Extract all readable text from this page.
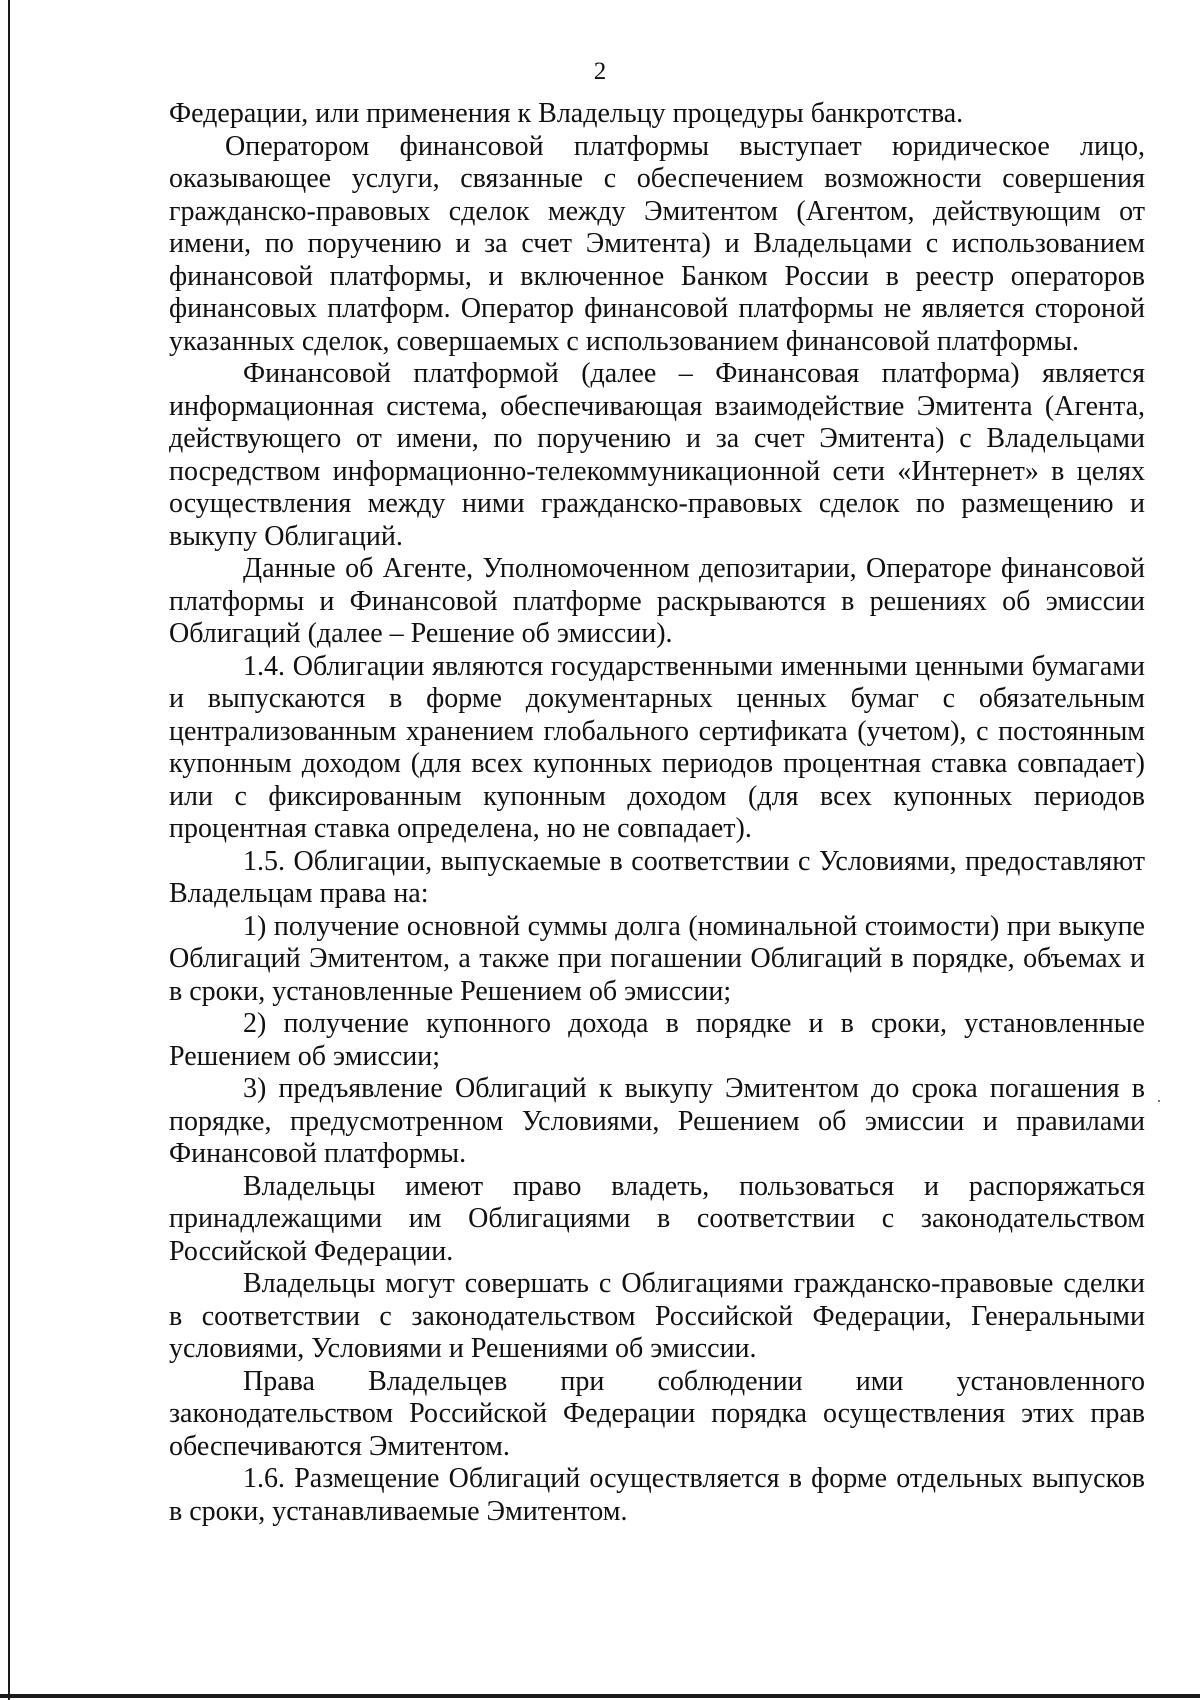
2

Федерации, или применения к Владельцу процедуры банкротства.

Оператором финансовой платформы выступает юридическое лицо, оказывающее услуги, связанные с обеспечением возможности совершения гражданско-правовых сделок между Эмитентом (Агентом, действующим от имени, по поручению и за счет Эмитента) и Владельцами с использованием финансовой платформы, и включенное Банком России в реестр операторов финансовых платформ. Оператор финансовой платформы не является стороной указанных сделок, совершаемых с использованием финансовой платформы.

Финансовой платформой (далее – Финансовая платформа) является информационная система, обеспечивающая взаимодействие Эмитента (Агента, действующего от имени, по поручению и за счет Эмитента) с Владельцами посредством информационно-телекоммуникационной сети «Интернет» в целях осуществления между ними гражданско-правовых сделок по размещению и выкупу Облигаций.

Данные об Агенте, Уполномоченном депозитарии, Операторе финансовой платформы и Финансовой платформе раскрываются в решениях об эмиссии Облигаций (далее – Решение об эмиссии).

1.4. Облигации являются государственными именными ценными бумагами и выпускаются в форме документарных ценных бумаг с обязательным централизованным хранением глобального сертификата (учетом), с постоянным купонным доходом (для всех купонных периодов процентная ставка совпадает) или с фиксированным купонным доходом (для всех купонных периодов процентная ставка определена, но не совпадает).

1.5. Облигации, выпускаемые в соответствии с Условиями, предоставляют Владельцам права на:

1) получение основной суммы долга (номинальной стоимости) при выкупе Облигаций Эмитентом, а также при погашении Облигаций в порядке, объемах и в сроки, установленные Решением об эмиссии;

2) получение купонного дохода в порядке и в сроки, установленные Решением об эмиссии;

3) предъявление Облигаций к выкупу Эмитентом до срока погашения в порядке, предусмотренном Условиями, Решением об эмиссии и правилами Финансовой платформы.

Владельцы имеют право владеть, пользоваться и распоряжаться принадлежащими им Облигациями в соответствии с законодательством Российской Федерации.

Владельцы могут совершать с Облигациями гражданско-правовые сделки в соответствии с законодательством Российской Федерации, Генеральными условиями, Условиями и Решениями об эмиссии.

Права Владельцев при соблюдении ими установленного законодательством Российской Федерации порядка осуществления этих прав обеспечиваются Эмитентом.

1.6. Размещение Облигаций осуществляется в форме отдельных выпусков в сроки, устанавливаемые Эмитентом.
